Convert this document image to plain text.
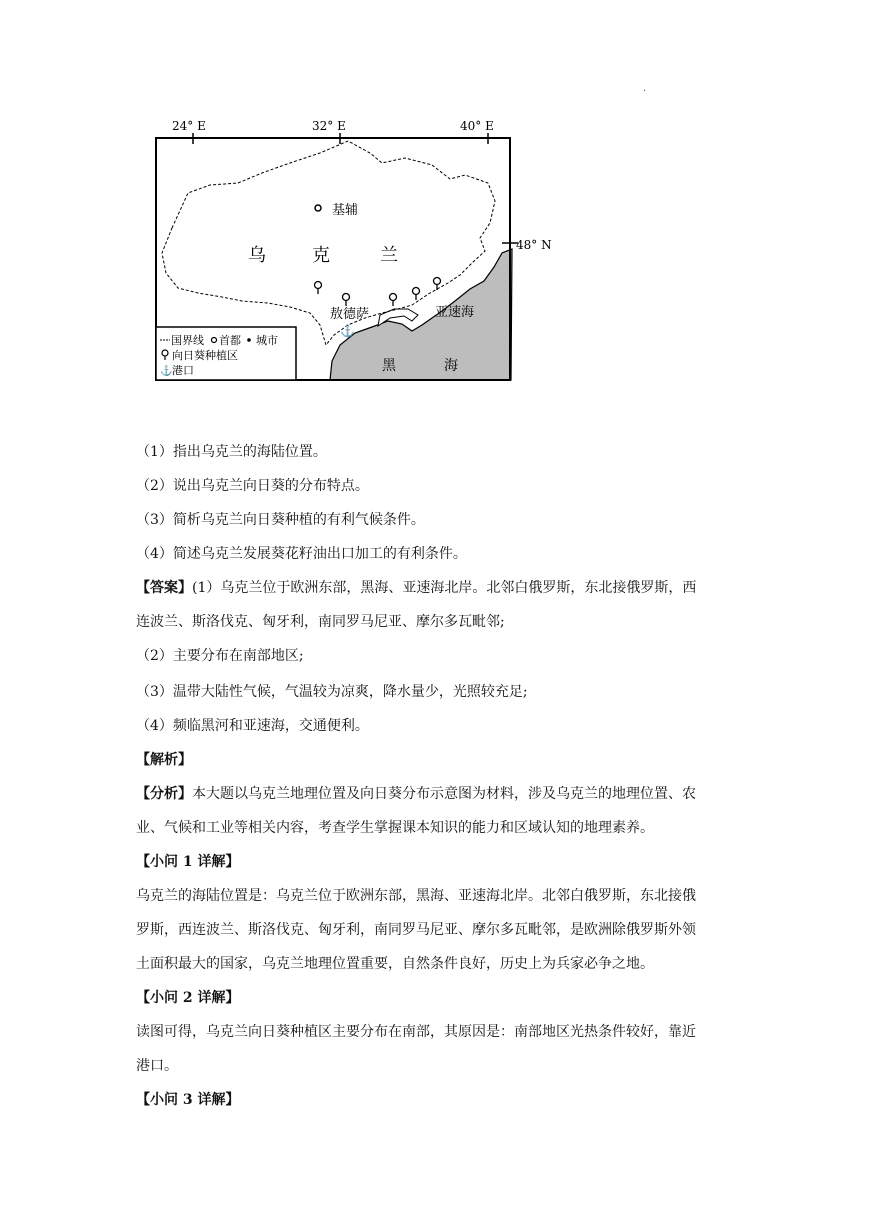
·
24° E	32° E	40° E
48° N
基辅
乌	克	兰
敖德萨
⚓
亚速海
黑	海
国界线 首都 城市
向日葵种植区
⚓ 港口
（1）指出乌克兰的海陆位置。
（2）说出乌克兰向日葵的分布特点。
（3）简析乌克兰向日葵种植的有利气候条件。
（4）简述乌克兰发展葵花籽油出口加工的有利条件。
【答案】(1）乌克兰位于欧洲东部，黑海、亚速海北岸。北邻白俄罗斯，东北接俄罗斯，西
连波兰、斯洛伐克、匈牙利，南同罗马尼亚、摩尔多瓦毗邻;
（2）主要分布在南部地区;
（3）温带大陆性气候，气温较为凉爽，降水量少，光照较充足;
（4）频临黑河和亚速海，交通便利。
【解析】
【分析】本大题以乌克兰地理位置及向日葵分布示意图为材料，涉及乌克兰的地理位置、农
业、气候和工业等相关内容，考查学生掌握课本知识的能力和区域认知的地理素养。
【小问 1 详解】
乌克兰的海陆位置是：乌克兰位于欧洲东部，黑海、亚速海北岸。北邻白俄罗斯，东北接俄
罗斯，西连波兰、斯洛伐克、匈牙利，南同罗马尼亚、摩尔多瓦毗邻，是欧洲除俄罗斯外领
土面积最大的国家，乌克兰地理位置重要，自然条件良好，历史上为兵家必争之地。
【小问 2 详解】
读图可得，乌克兰向日葵种植区主要分布在南部，其原因是：南部地区光热条件较好，靠近
港口。
【小问 3 详解】
